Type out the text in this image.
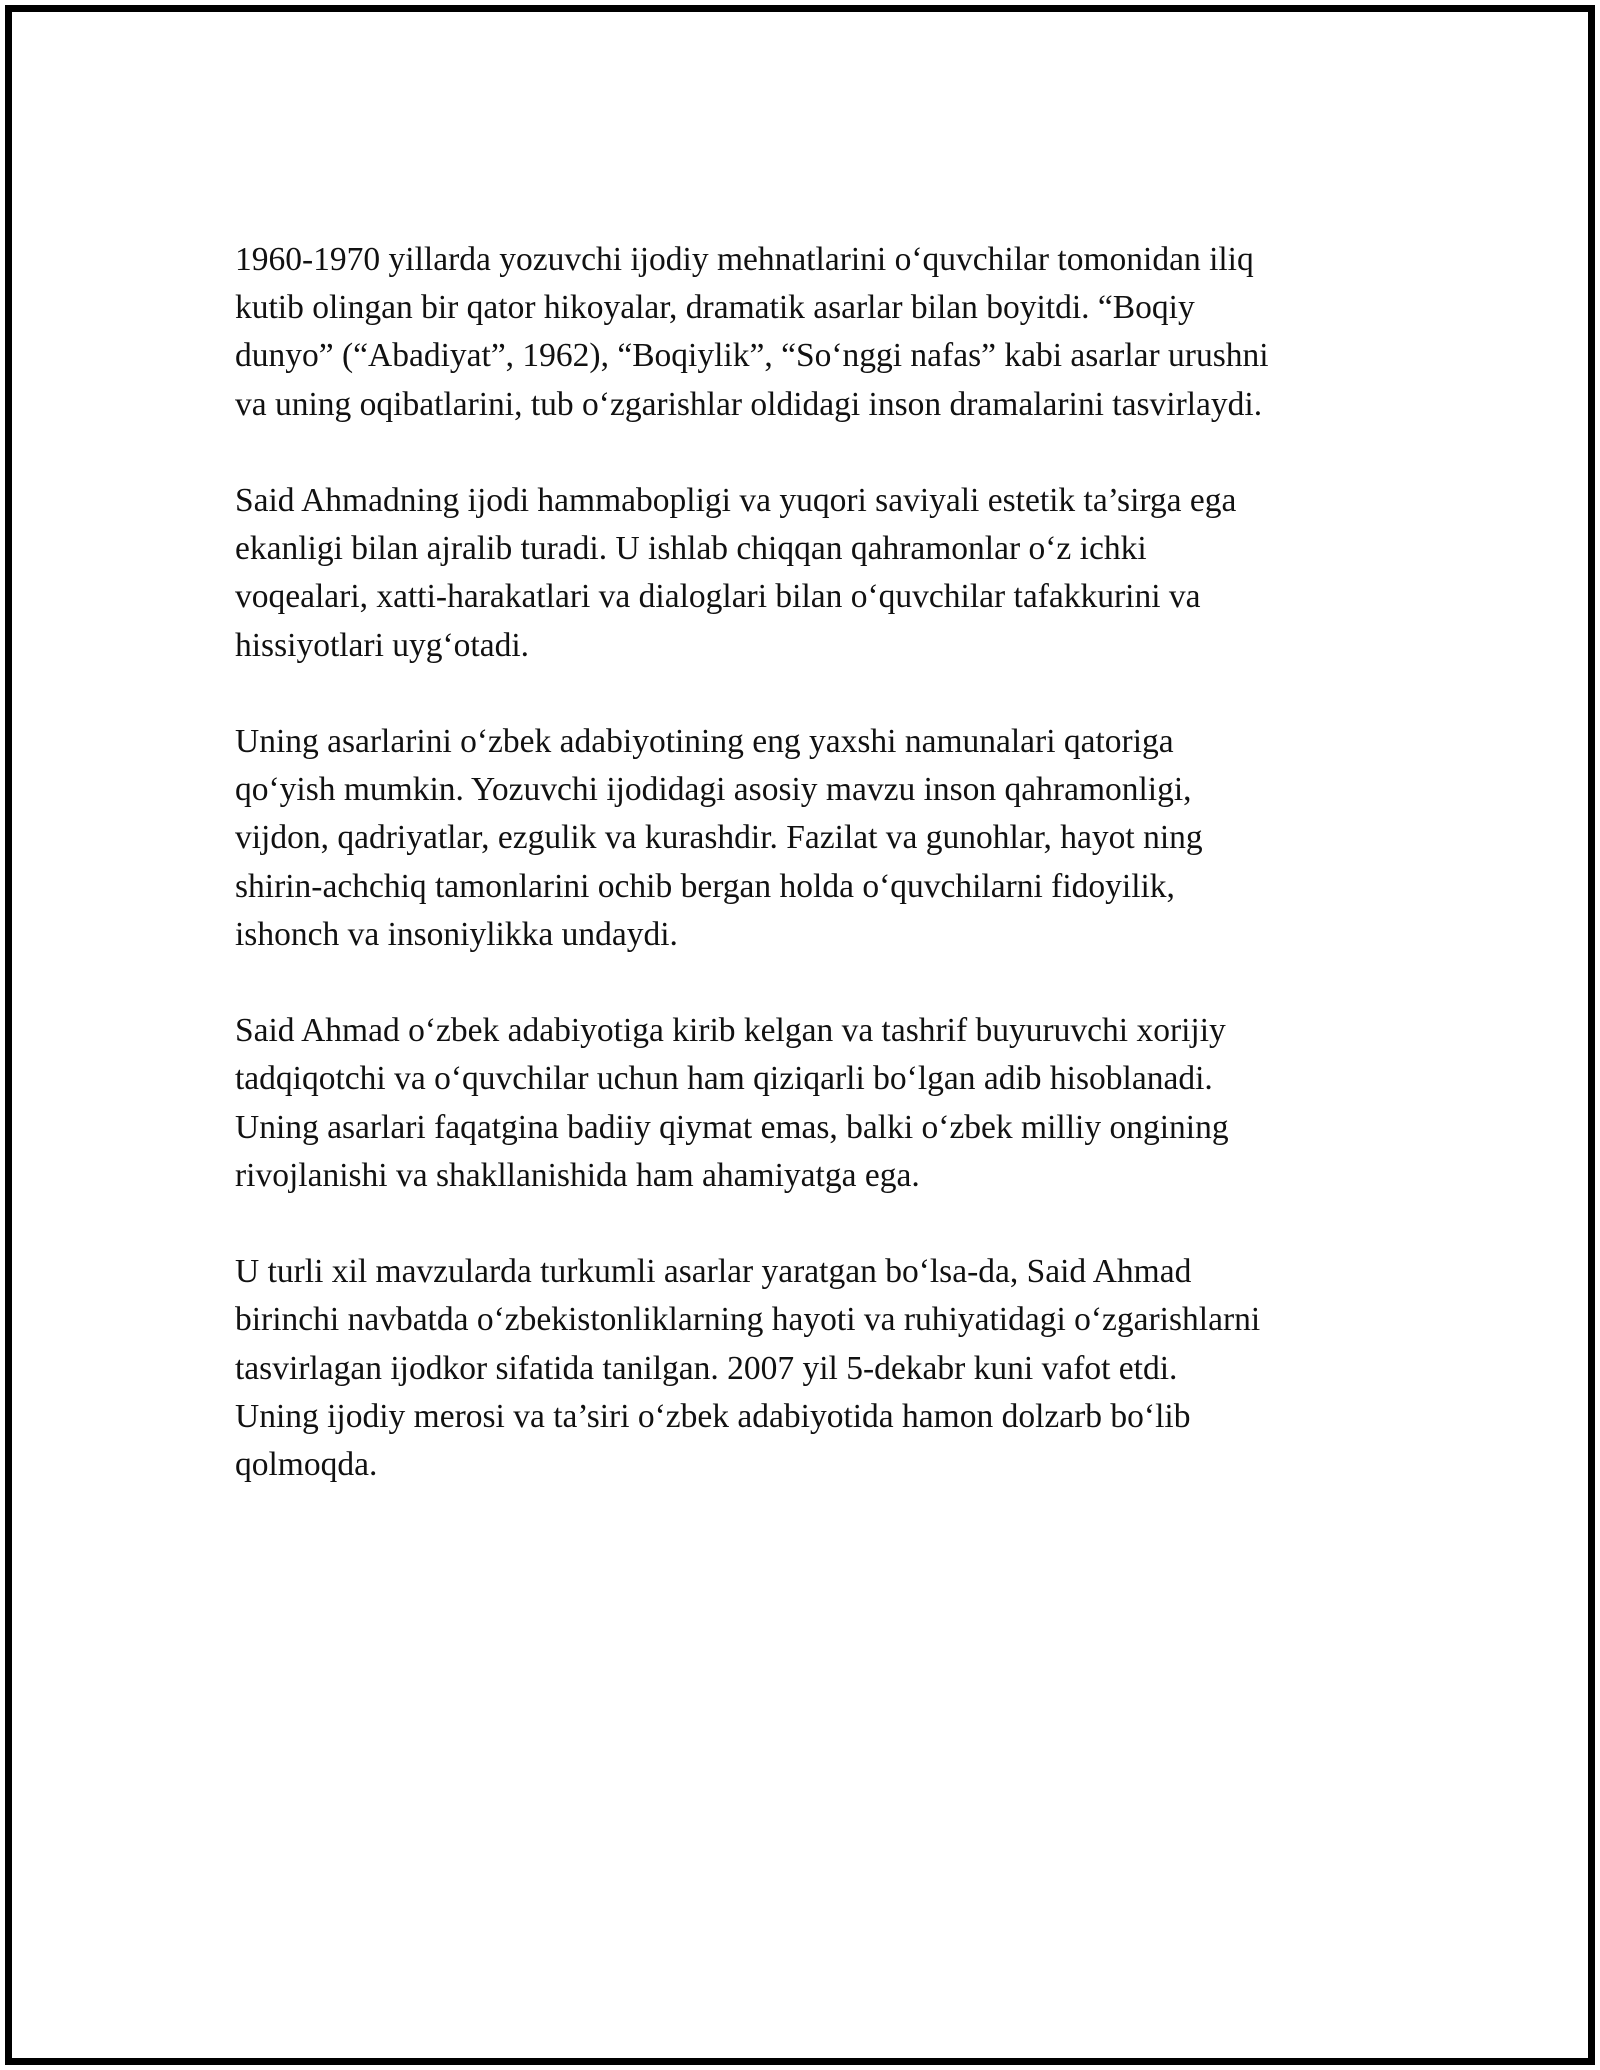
1960-1970 yillarda yozuvchi ijodiy mehnatlarini o‘quvchilar tomonidan iliq
kutib olingan bir qator hikoyalar, dramatik asarlar bilan boyitdi. “Boqiy
dunyo” (“Abadiyat”, 1962), “Boqiylik”, “So‘nggi nafas” kabi asarlar urushni
va uning oqibatlarini, tub o‘zgarishlar oldidagi inson dramalarini tasvirlaydi.

Said Ahmadning ijodi hammabopligi va yuqori saviyali estetik ta’sirga ega
ekanligi bilan ajralib turadi. U ishlab chiqqan qahramonlar o‘z ichki
voqealari, xatti-harakatlari va dialoglari bilan o‘quvchilar tafakkurini va
hissiyotlari uyg‘otadi.

Uning asarlarini o‘zbek adabiyotining eng yaxshi namunalari qatoriga
qo‘yish mumkin. Yozuvchi ijodidagi asosiy mavzu inson qahramonligi,
vijdon, qadriyatlar, ezgulik va kurashdir. Fazilat va gunohlar, hayot ning
shirin-achchiq tamonlarini ochib bergan holda o‘quvchilarni fidoyilik,
ishonch va insoniylikka undaydi.

Said Ahmad o‘zbek adabiyotiga kirib kelgan va tashrif buyuruvchi xorijiy
tadqiqotchi va o‘quvchilar uchun ham qiziqarli bo‘lgan adib hisoblanadi.
Uning asarlari faqatgina badiiy qiymat emas, balki o‘zbek milliy ongining
rivojlanishi va shakllanishida ham ahamiyatga ega.

U turli xil mavzularda turkumli asarlar yaratgan bo‘lsa-da, Said Ahmad
birinchi navbatda o‘zbekistonliklarning hayoti va ruhiyatidagi o‘zgarishlarni
tasvirlagan ijodkor sifatida tanilgan. 2007 yil 5-dekabr kuni vafot etdi.
Uning ijodiy merosi va ta’siri o‘zbek adabiyotida hamon dolzarb bo‘lib
qolmoqda.
